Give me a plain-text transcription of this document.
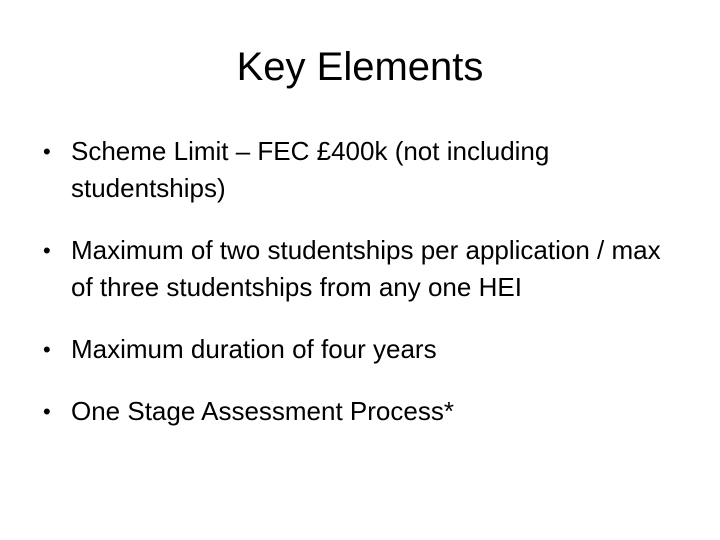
Key Elements
• Scheme Limit – FEC £400k (not including studentships)
• Maximum of two studentships per application / max of three studentships from any one HEI
• Maximum duration of four years
• One Stage Assessment Process*
